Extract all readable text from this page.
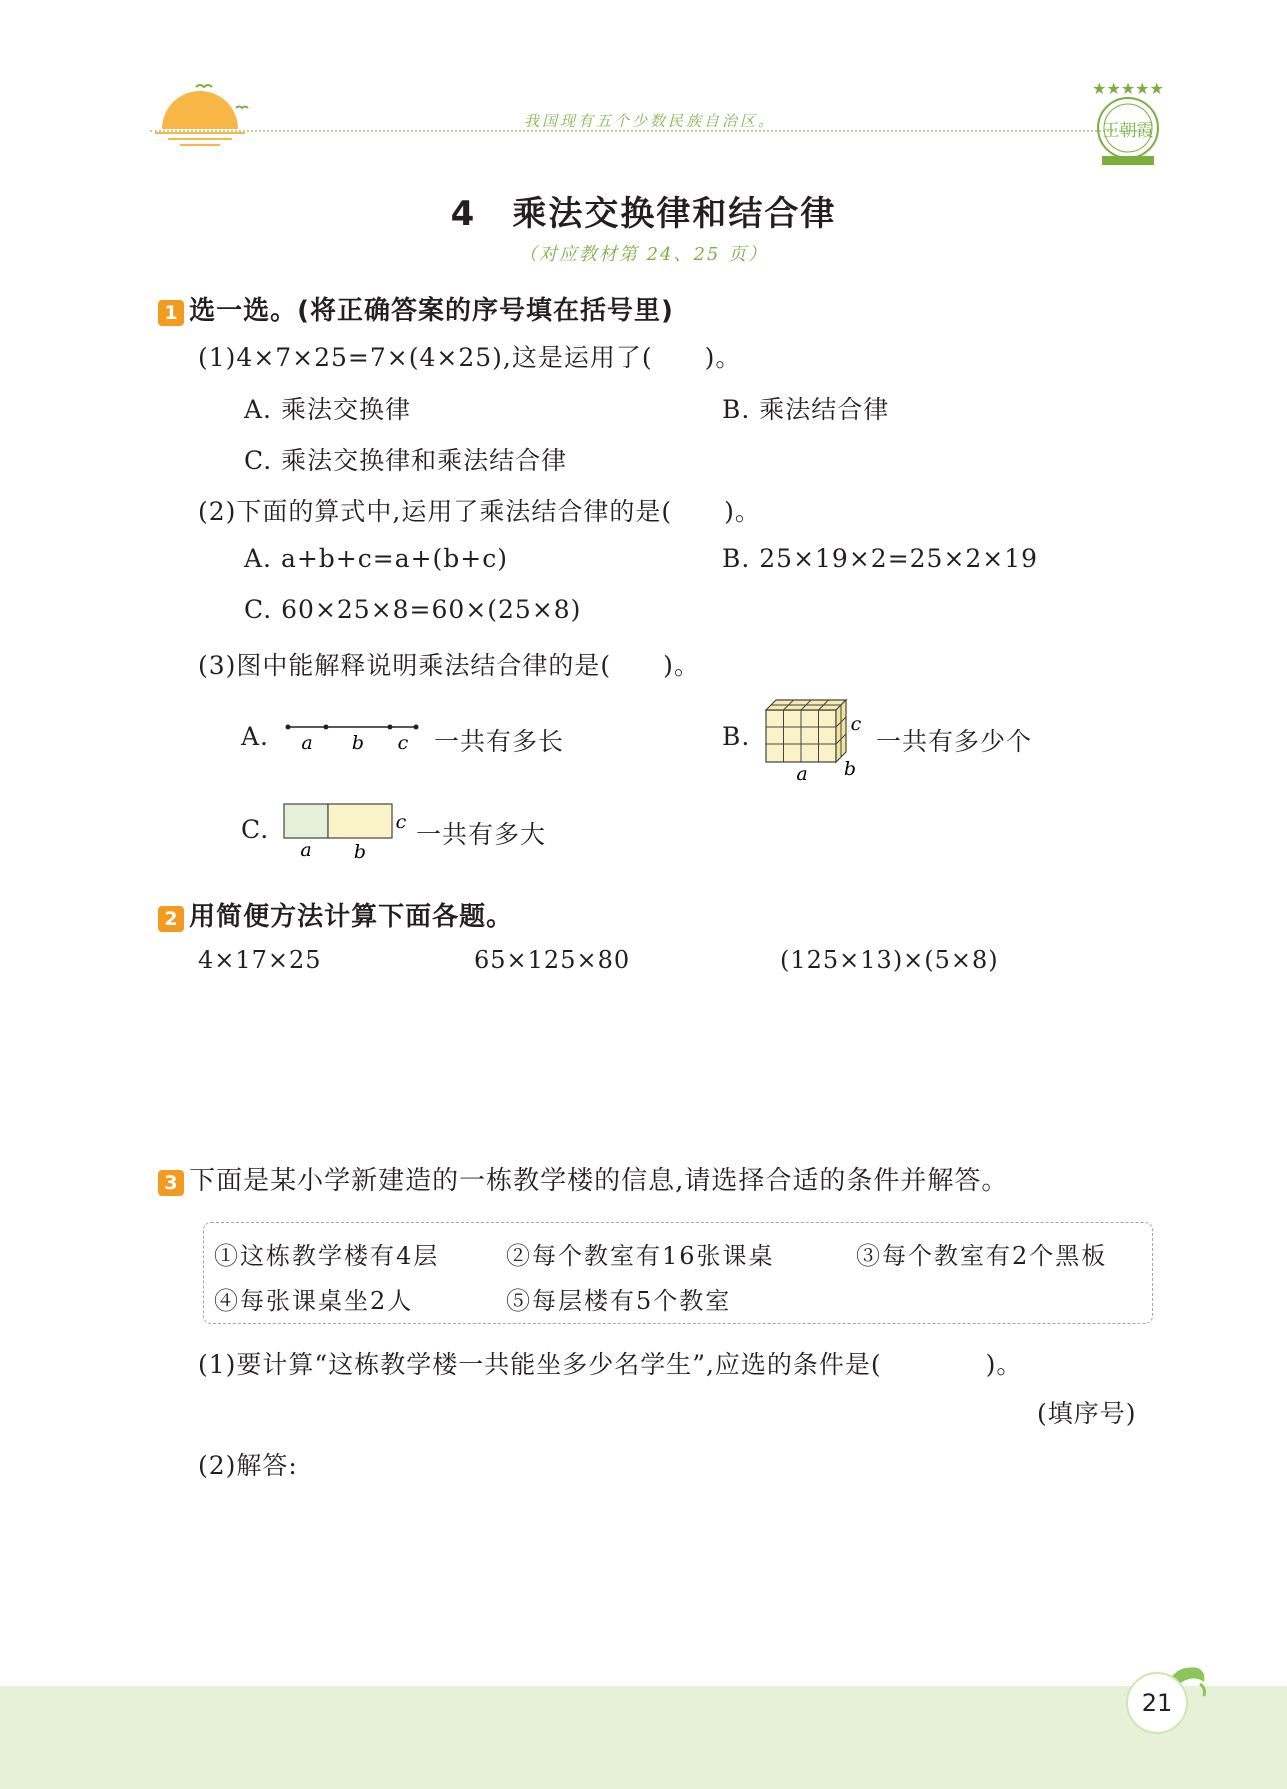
我国现有五个少数民族自治区。
★★★★★
王朝霞
4　乘法交换律和结合律
（对应教材第 24、25 页）
1 选一选。(将正确答案的序号填在括号里)
(1)4×7×25=7×(4×25),这是运用了(　　)。
A. 乘法交换律	B. 乘法结合律
C. 乘法交换律和乘法结合律
(2)下面的算式中,运用了乘法结合律的是(　　)。
A. a+b+c=a+(b+c)	B. 25×19×2=25×2×19
C. 60×25×8=60×(25×8)
(3)图中能解释说明乘法结合律的是(　　)。
A. a b c 一共有多长	B.
a b
c
一共有多少个
C.
a b
c 一共有多大
2 用简便方法计算下面各题。
4×17×25	65×125×80	(125×13)×(5×8)
3 下面是某小学新建造的一栋教学楼的信息,请选择合适的条件并解答。
①这栋教学楼有4层	②每个教室有16张课桌	③每个教室有2个黑板
④每张课桌坐2人	⑤每层楼有5个教室
(1)要计算“这栋教学楼一共能坐多少名学生”,应选的条件是(　　　　)。
(填序号)
(2)解答:
21
